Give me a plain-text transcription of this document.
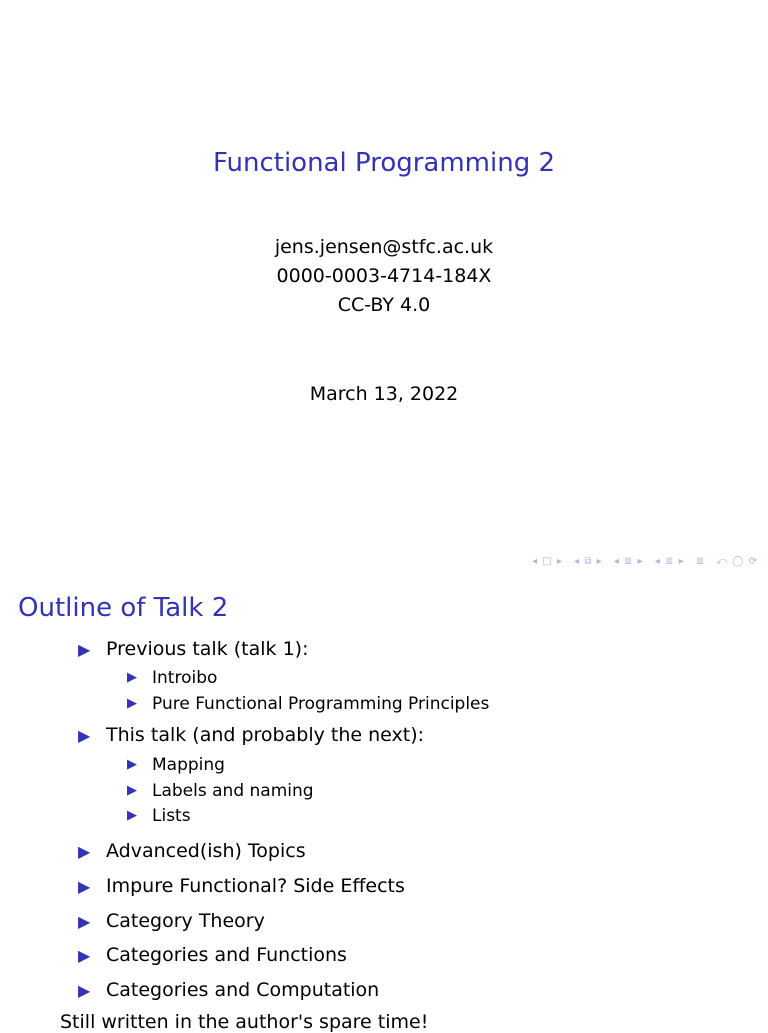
Functional Programming 2
jens.jensen@stfc.ac.uk
0000-0003-4714-184X
CC-BY 4.0
March 13, 2022
◂ □ ▸ ◂ ⧉ ▸ ◂ ≣ ▸ ◂ ≣ ▸ ≣ ⤺ ◯ ⟳
Outline of Talk 2
▶ Previous talk (talk 1):
▶ Introibo
▶ Pure Functional Programming Principles
▶ This talk (and probably the next):
▶ Mapping
▶ Labels and naming
▶ Lists
▶ Advanced(ish) Topics
▶ Impure Functional? Side Effects
▶ Category Theory
▶ Categories and Functions
▶ Categories and Computation
Still written in the author's spare time!
